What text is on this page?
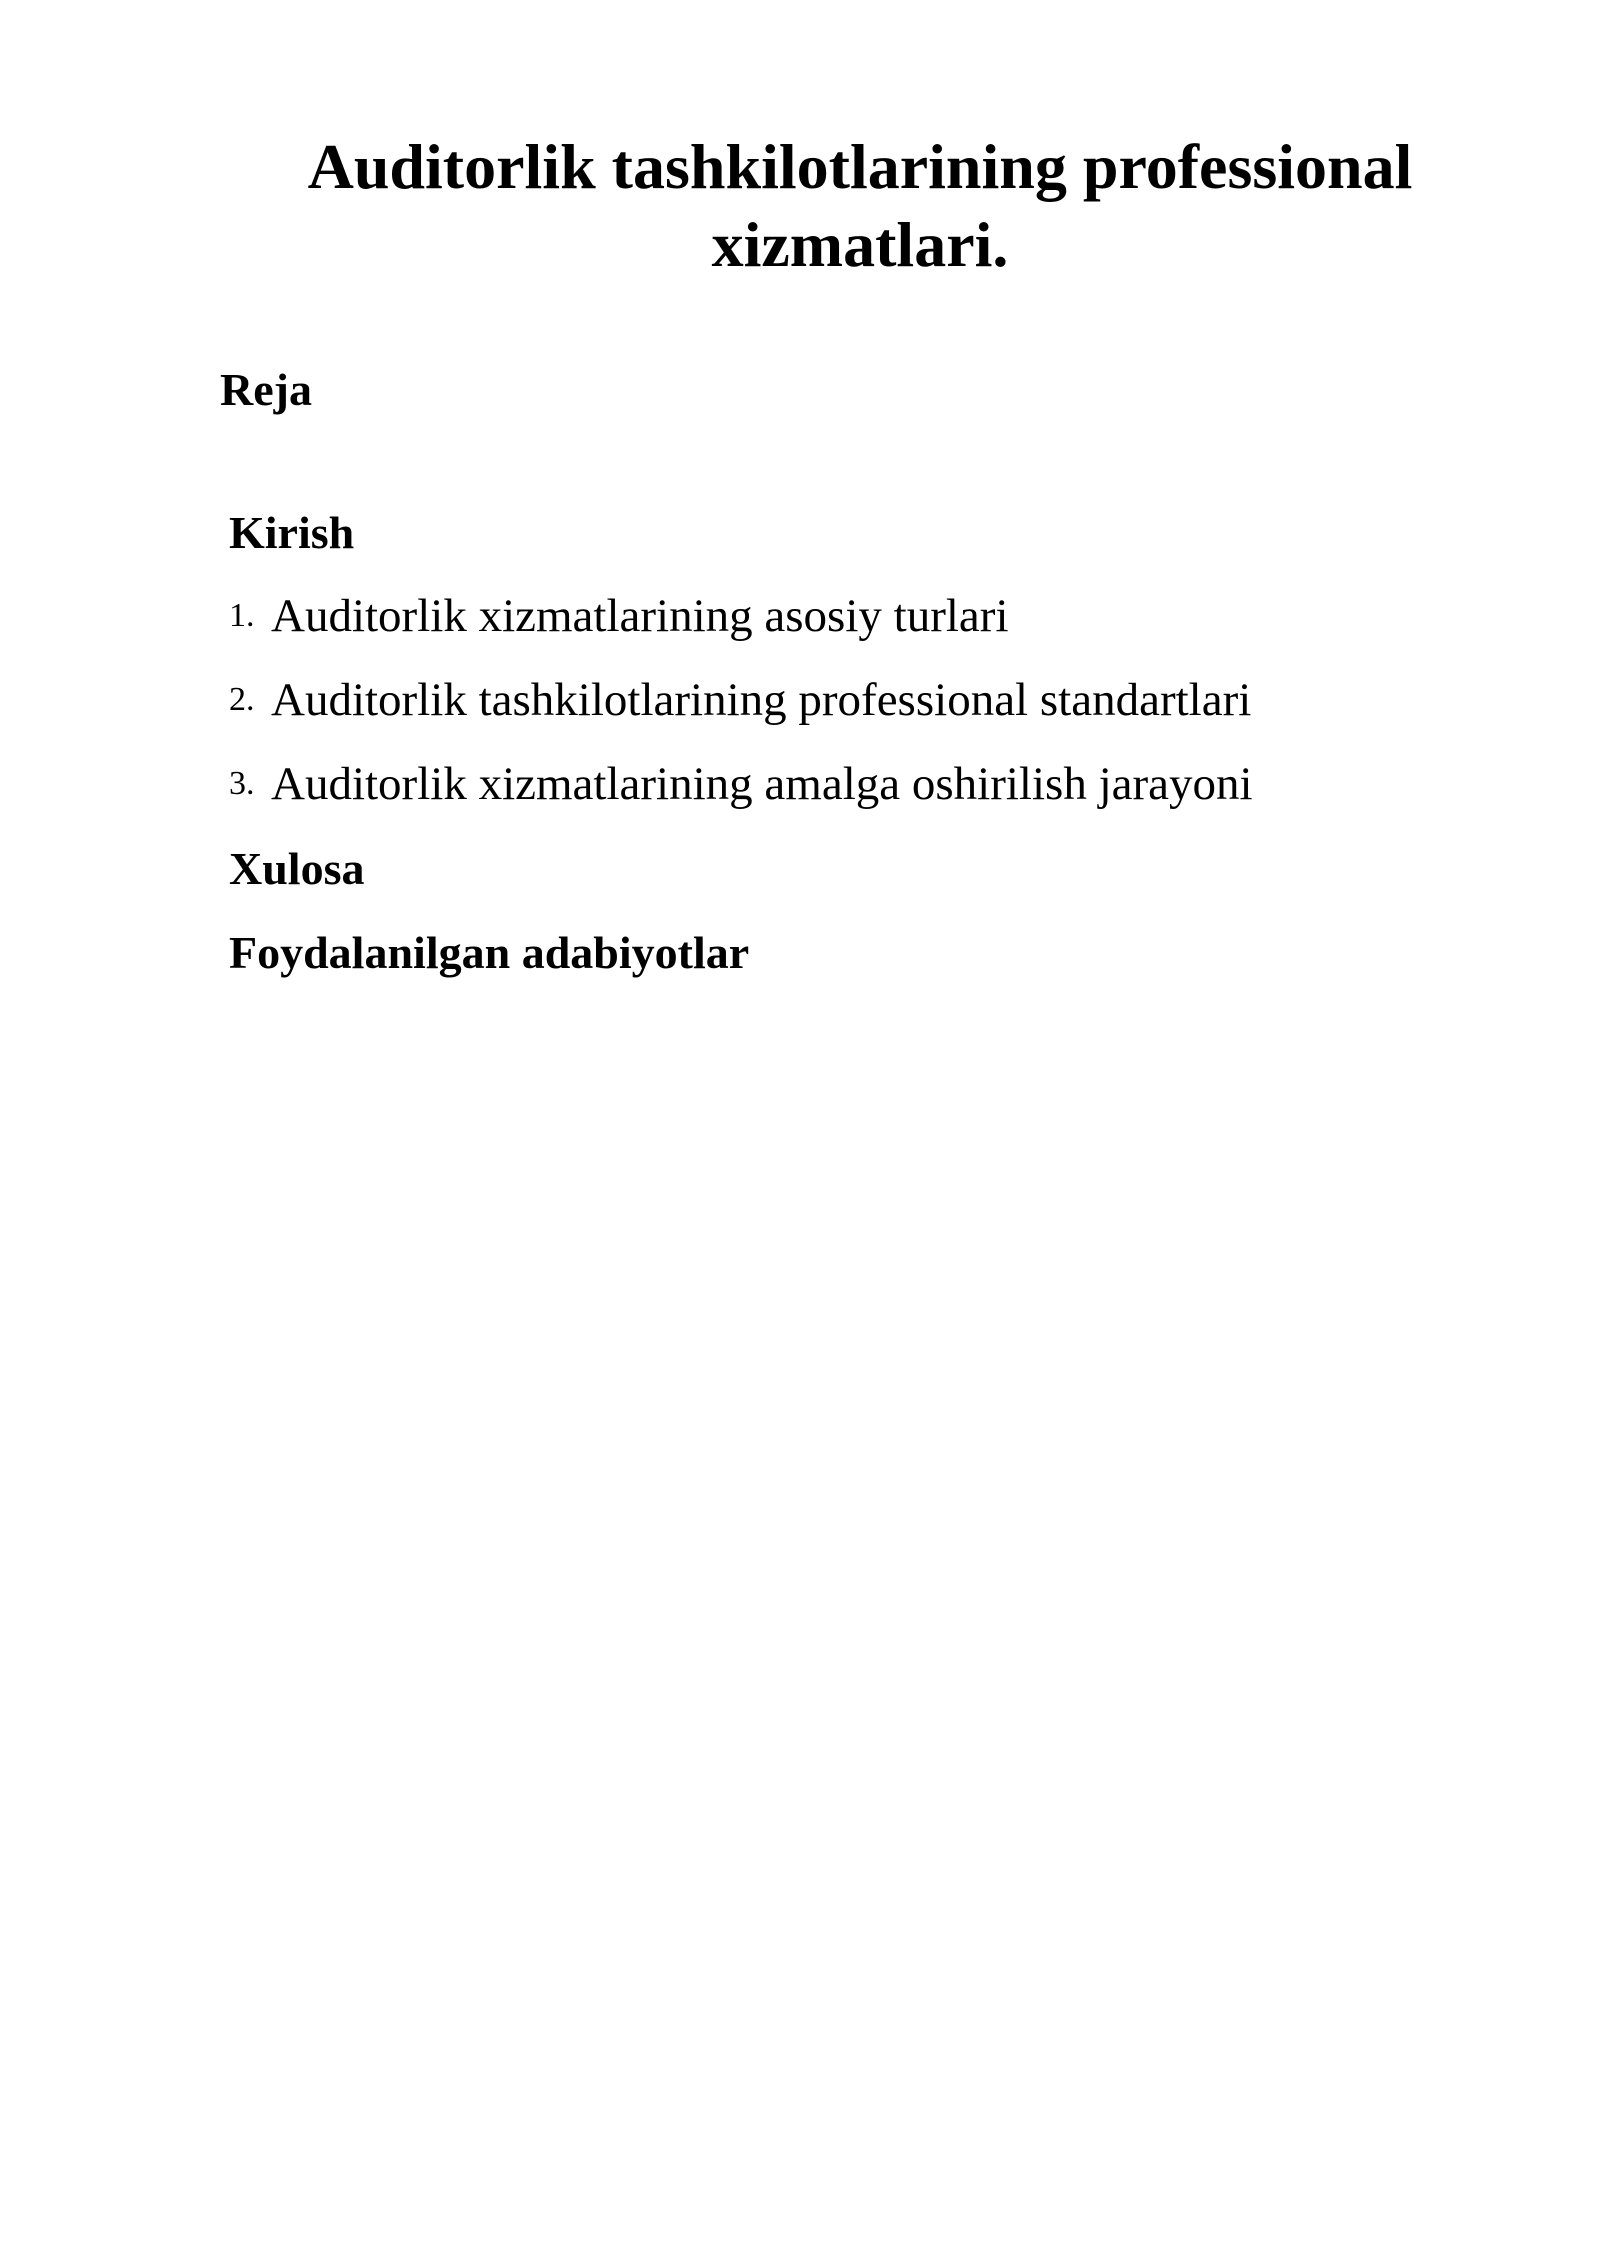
Auditorlik tashkilotlarining professional xizmatlari.
Reja
Kirish
1. Auditorlik xizmatlarining asosiy turlari
2. Auditorlik tashkilotlarining professional standartlari
3. Auditorlik xizmatlarining amalga oshirilish jarayoni
Xulosa
Foydalanilgan adabiyotlar
